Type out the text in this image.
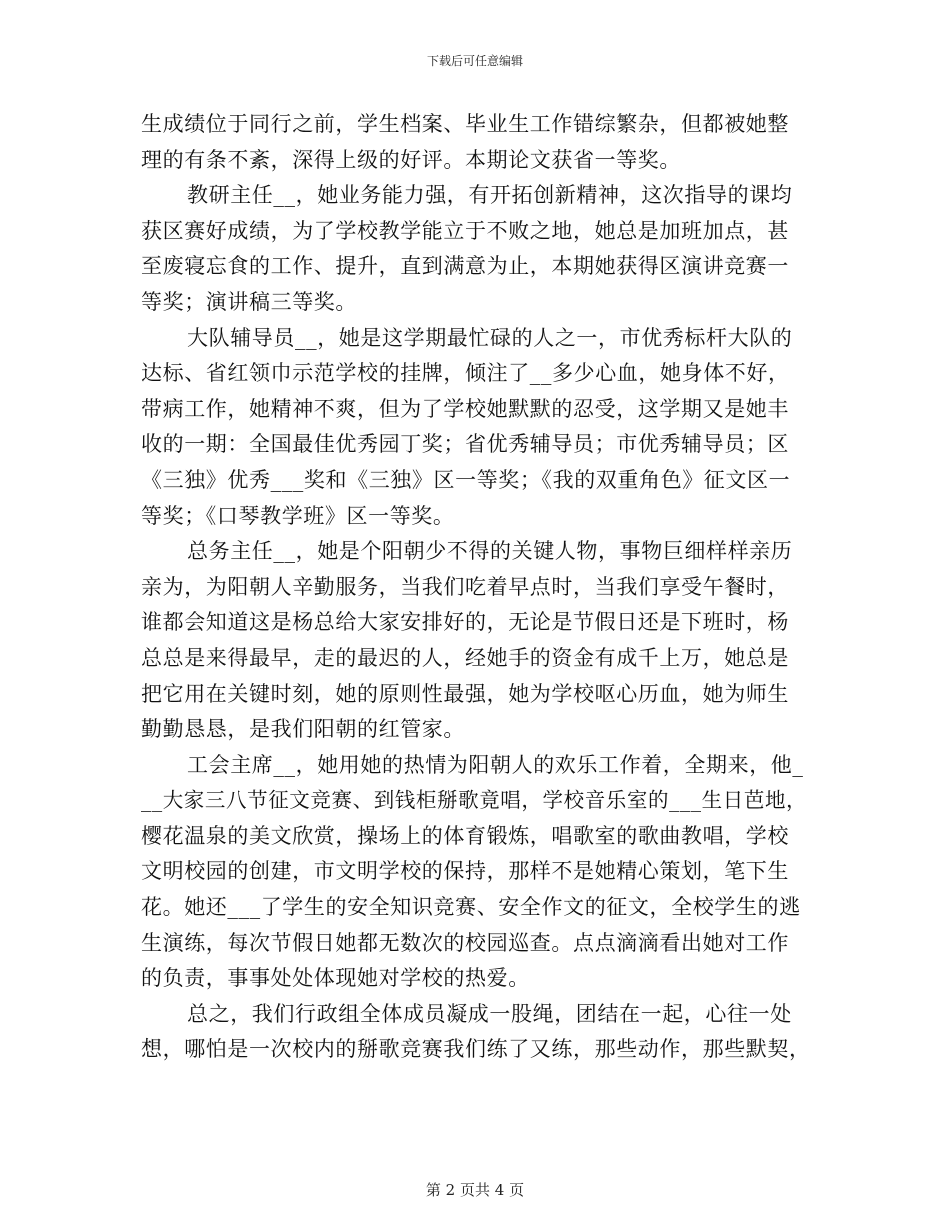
下载后可任意编辑
生成绩位于同行之前，学生档案、毕业生工作错综繁杂，但都被她整
理的有条不紊，深得上级的好评。本期论文获省一等奖。
教研主任__，她业务能力强，有开拓创新精神，这次指导的课均
获区赛好成绩，为了学校教学能立于不败之地，她总是加班加点，甚
至废寝忘食的工作、提升，直到满意为止，本期她获得区演讲竞赛一
等奖；演讲稿三等奖。
大队辅导员__，她是这学期最忙碌的人之一，市优秀标杆大队的
达标、省红领巾示范学校的挂牌，倾注了__多少心血，她身体不好，
带病工作，她精神不爽，但为了学校她默默的忍受，这学期又是她丰
收的一期：全国最佳优秀园丁奖；省优秀辅导员；市优秀辅导员；区
《三独》优秀___奖和《三独》区一等奖；《我的双重角色》征文区一
等奖；《口琴教学班》区一等奖。
总务主任__，她是个阳朝少不得的关键人物，事物巨细样样亲历
亲为，为阳朝人辛勤服务，当我们吃着早点时，当我们享受午餐时，
谁都会知道这是杨总给大家安排好的，无论是节假日还是下班时，杨
总总是来得最早，走的最迟的人，经她手的资金有成千上万，她总是
把它用在关键时刻，她的原则性最强，她为学校呕心历血，她为师生
勤勤恳恳，是我们阳朝的红管家。
工会主席__，她用她的热情为阳朝人的欢乐工作着，全期来，他_
__大家三八节征文竞赛、到钱柜掰歌竟唱，学校音乐室的___生日芭地，
樱花温泉的美文欣赏，操场上的体育锻炼，唱歌室的歌曲教唱，学校
文明校园的创建，市文明学校的保持，那样不是她精心策划，笔下生
花。她还___了学生的安全知识竞赛、安全作文的征文，全校学生的逃
生演练，每次节假日她都无数次的校园巡查。点点滴滴看出她对工作
的负责，事事处处体现她对学校的热爱。
总之，我们行政组全体成员凝成一股绳，团结在一起，心往一处
想，哪怕是一次校内的掰歌竞赛我们练了又练，那些动作，那些默契，
第 2 页共 4 页
